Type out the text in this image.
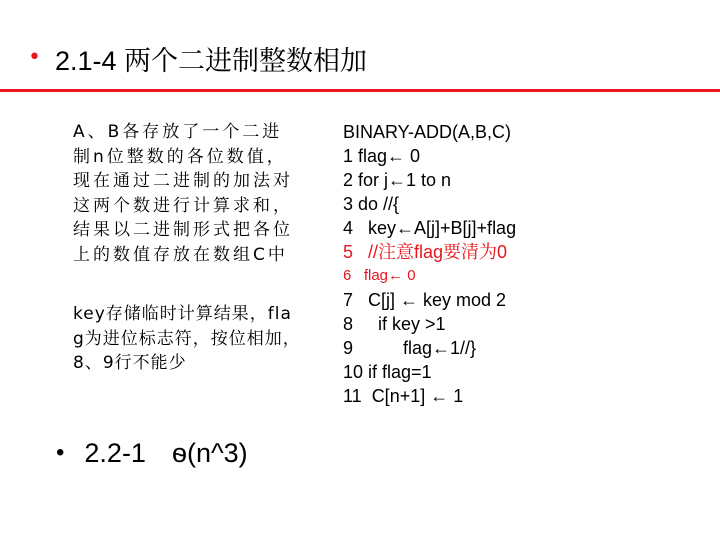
• 2.1-4 两个二进制整数相加

A、B各存放了一个二进制n位整数的各位数值，现在通过二进制的加法对这两个数进行计算求和，结果以二进制形式把各位上的数值存放在数组C中

key存储临时计算结果，flag为进位标志符，按位相加，8、9行不能少

• 2.2-1 ѳ(n^3)
BINARY-ADD(A,B,C)
1 flag← 0
2 for j←1 to n
3 do //{
4   key←A[j]+B[j]+flag
5   //注意flag要清为0
6   flag← 0
7   C[j] ← key mod 2
8     if key >1
9          flag←1//}
10 if flag=1
11  C[n+1] ← 1
